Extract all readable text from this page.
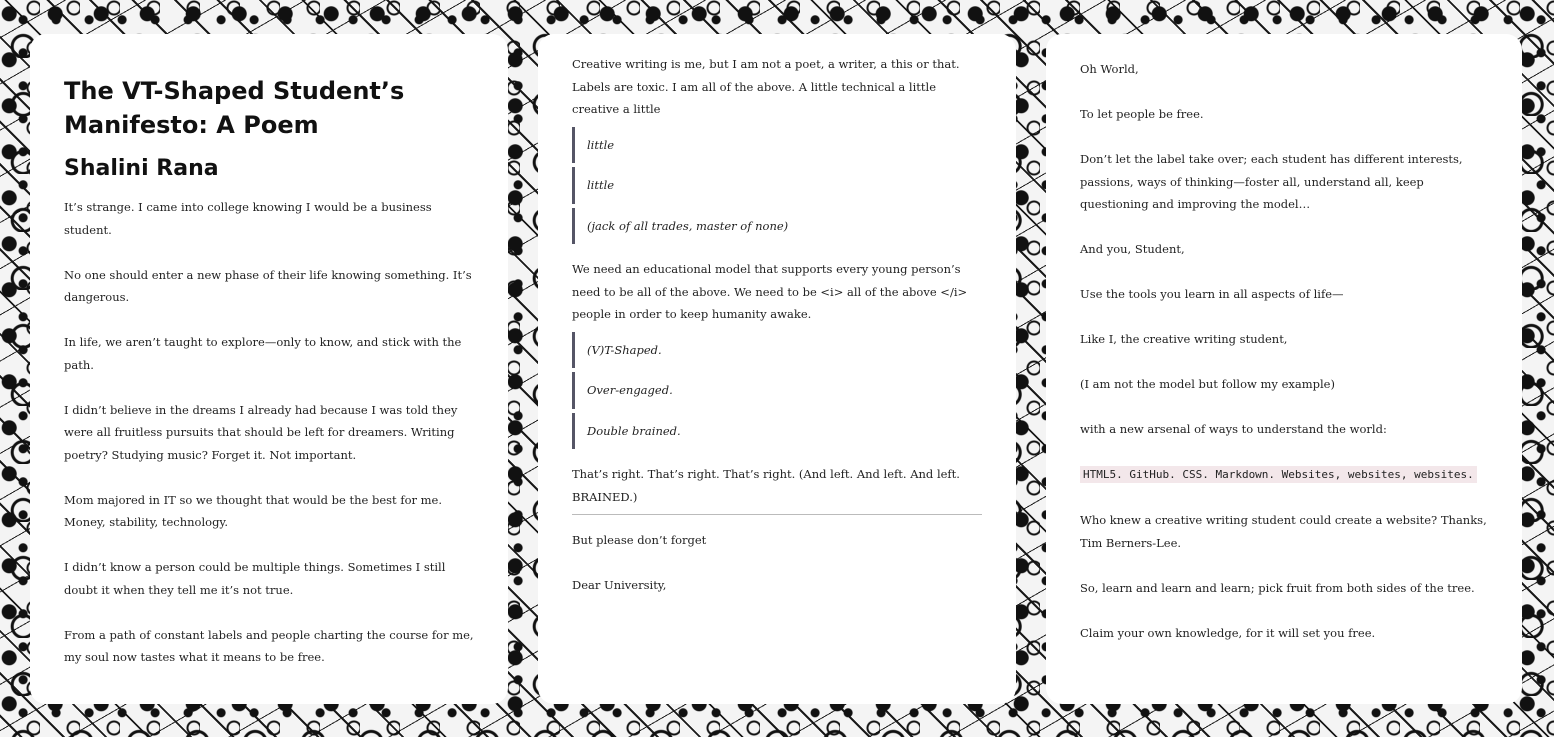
The VT-Shaped Student’s Manifesto: A Poem
Shalini Rana

It’s strange. I came into college knowing I would be a business student.

No one should enter a new phase of their life knowing something. It’s dangerous.

In life, we aren’t taught to explore—only to know, and stick with the path.

I didn’t believe in the dreams I already had because I was told they were all fruitless pursuits that should be left for dreamers. Writing poetry? Studying music? Forget it. Not important.

Mom majored in IT so we thought that would be the best for me. Money, stability, technology.

I didn’t know a person could be multiple things. Sometimes I still doubt it when they tell me it’s not true.

From a path of constant labels and people charting the course for me, my soul now tastes what it means to be free.

Creative writing is me, but I am not a poet, a writer, a this or that. Labels are toxic. I am all of the above. A little technical a little creative a little

little
little
(jack of all trades, master of none)

We need an educational model that supports every young person’s need to be all of the above. We need to be <i> all of the above </i> people in order to keep humanity awake.

(V)T-Shaped.
Over-engaged.
Double brained.

That’s right. That’s right. That’s right. (And left. And left. And left. BRAINED.)

But please don’t forget

Dear University,

Oh World,

To let people be free.

Don’t let the label take over; each student has different interests, passions, ways of thinking—foster all, understand all, keep questioning and improving the model…

And you, Student,

Use the tools you learn in all aspects of life—

Like I, the creative writing student,

(I am not the model but follow my example)

with a new arsenal of ways to understand the world:

HTML5. GitHub. CSS. Markdown. Websites, websites, websites.

Who knew a creative writing student could create a website? Thanks, Tim Berners-Lee.

So, learn and learn and learn; pick fruit from both sides of the tree.

Claim your own knowledge, for it will set you free.
